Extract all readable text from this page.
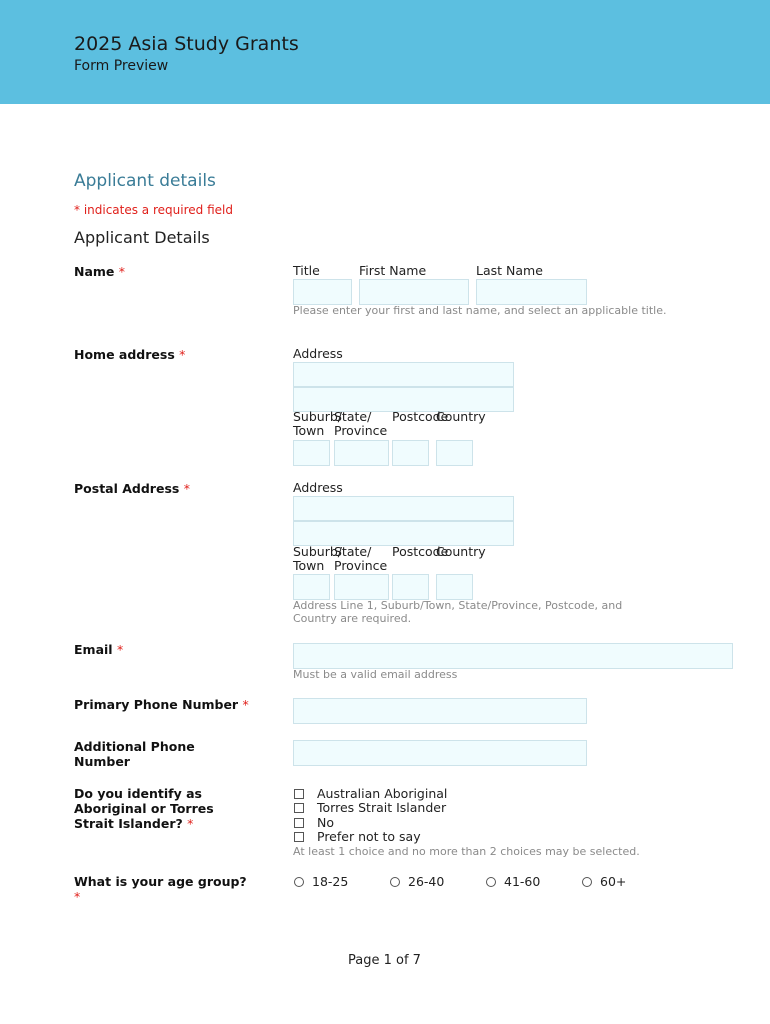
2025 Asia Study Grants
Form Preview
Applicant details
* indicates a required field
Applicant Details
Name *	Title	First Name	Last Name
Please enter your first and last name, and select an applicable title.
Home address *	Address
Suburb/ Town
State/ Province
Postcode
Country
Postal Address *	Address
Suburb/ Town
State/ Province
Postcode
Country
Address Line 1, Suburb/Town, State/Province, Postcode, and Country are required.
Email *
Must be a valid email address
Primary Phone Number *
Additional Phone Number
Do you identify as Aboriginal or Torres Strait Islander? *
Australian Aboriginal
Torres Strait Islander
No
Prefer not to say
At least 1 choice and no more than 2 choices may be selected.
What is your age group?
*
18-25	26-40	41-60	60+
Page 1 of 7
